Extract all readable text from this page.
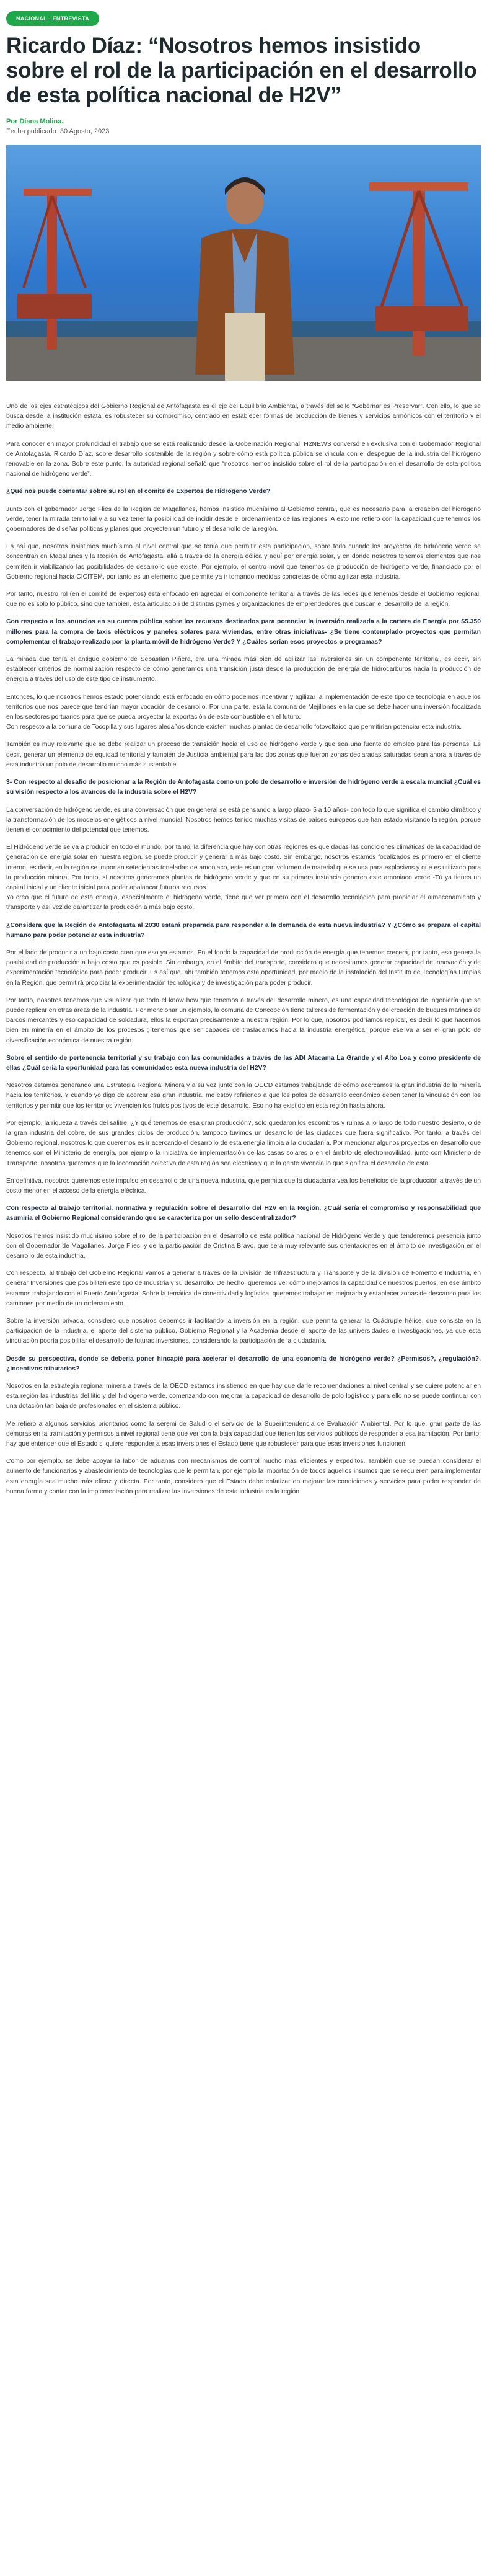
NACIONAL - ENTREVISTA
Ricardo Díaz: “Nosotros hemos insistido sobre el rol de la participación en el desarrollo de esta política nacional de H2V”
Por Diana Molina.
Fecha publicado: 30 Agosto, 2023

Uno de los ejes estratégicos del Gobierno Regional de Antofagasta es el eje del Equilibrio Ambiental, a través del sello “Gobernar es Preservar”. Con ello, lo que se busca desde la institución estatal es robustecer su compromiso, centrado en establecer formas de producción de bienes y servicios armónicos con el territorio y el medio ambiente.

Para conocer en mayor profundidad el trabajo que se está realizando desde la Gobernación Regional, H2NEWS conversó en exclusiva con el Gobernador Regional de Antofagasta, Ricardo Díaz, sobre desarrollo sostenible de la región y sobre cómo está política pública se vincula con el despegue de la industria del hidrógeno renovable en la zona. Sobre este punto, la autoridad regional señaló que “nosotros hemos insistido sobre el rol de la participación en el desarrollo de esta política nacional de hidrógeno verde”.

¿Qué nos puede comentar sobre su rol en el comité de Expertos de Hidrógeno Verde?

Junto con el gobernador Jorge Flies de la Región de Magallanes, hemos insistido muchísimo al Gobierno central, que es necesario para la creación del hidrógeno verde, tener la mirada territorial y a su vez tener la posibilidad de incidir desde el ordenamiento de las regiones. A esto me refiero con la capacidad que tenemos los gobernadores de diseñar políticas y planes que proyecten un futuro y el desarrollo de la región.

Es así que, nosotros insistimos muchísimo al nivel central que se tenía que permitir esta participación, sobre todo cuando los proyectos de hidrógeno verde se concentran en Magallanes y la Región de Antofagasta: allá a través de la energía eólica y aquí por energía solar, y en donde nosotros tenemos elementos que nos permiten ir viabilizando las posibilidades de desarrollo que existe. Por ejemplo, el centro móvil que tenemos de producción de hidrógeno verde, financiado por el Gobierno regional hacia CICITEM, por tanto es un elemento que permite ya ir tomando medidas concretas de cómo agilizar esta industria.

Por tanto, nuestro rol (en el comité de expertos) está enfocado en agregar el componente territorial a través de las redes que tenemos desde el Gobierno regional, que no es solo lo público, sino que también, esta articulación de distintas pymes y organizaciones de emprendedores que buscan el desarrollo de la región.

Con respecto a los anuncios en su cuenta pública sobre los recursos destinados para potenciar la inversión realizada a la cartera de Energía por $5.350 millones para la compra de taxis eléctricos y paneles solares para viviendas, entre otras iniciativas- ¿Se tiene contemplado proyectos que permitan complementar el trabajo realizado por la planta móvil de hidrógeno Verde? Y ¿Cuáles serían esos proyectos o programas?

La mirada que tenía el antiguo gobierno de Sebastián Piñera, era una mirada más bien de agilizar las inversiones sin un componente territorial, es decir, sin establecer criterios de normalización respecto de cómo generamos una transición justa desde la producción de energía de hidrocarburos hacia la producción de energía a través del uso de este tipo de instrumento.

Entonces, lo que nosotros hemos estado potenciando está enfocado en cómo podemos incentivar y agilizar la implementación de este tipo de tecnología en aquellos territorios que nos parece que tendrían mayor vocación de desarrollo. Por una parte, está la comuna de Mejillones en la que se debe hacer una inversión focalizada en los sectores portuarios para que se pueda proyectar la exportación de este combustible en el futuro.
Con respecto a la comuna de Tocopilla y sus lugares aledaños donde existen muchas plantas de desarrollo fotovoltaico que permitirían potenciar esta industria.

También es muy relevante que se debe realizar un proceso de transición hacia el uso de hidrógeno verde y que sea una fuente de empleo para las personas. Es decir, generar un elemento de equidad territorial y también de Justicia ambiental para las dos zonas que fueron zonas declaradas saturadas sean ahora a través de esta industria un polo de desarrollo mucho más sustentable.

3- Con respecto al desafío de posicionar a la Región de Antofagasta como un polo de desarrollo e inversión de hidrógeno verde a escala mundial ¿Cuál es su visión respecto a los avances de la industria sobre el H2V?

La conversación de hidrógeno verde, es una conversación que en general se está pensando a largo plazo- 5 a 10 años- con todo lo que significa el cambio climático y la transformación de los modelos energéticos a nivel mundial. Nosotros hemos tenido muchas visitas de países europeos que han estado visitando la región, porque tienen el conocimiento del potencial que tenemos.

El Hidrógeno verde se va a producir en todo el mundo, por tanto, la diferencia que hay con otras regiones es que dadas las condiciones climáticas de la capacidad de generación de energía solar en nuestra región, se puede producir y generar a más bajo costo. Sin embargo, nosotros estamos focalizados es primero en el cliente interno, es decir, en la región se importan setecientas toneladas de amoniaco, este es un gran volumen de material que se usa para explosivos y que es utilizado para la producción minera. Por tanto, sí nosotros generamos plantas de hidrógeno verde y que en su primera instancia generen este amoniaco verde -Tú ya tienes un capital inicial y un cliente inicial para poder apalancar futuros recursos.
Yo creo que el futuro de esta energía, especialmente el hidrógeno verde, tiene que ver primero con el desarrollo tecnológico para propiciar el almacenamiento y transporte y así vez de garantizar la producción a más bajo costo.

¿Considera que la Región de Antofagasta al 2030 estará preparada para responder a la demanda de esta nueva industria? Y ¿Cómo se prepara el capital humano para poder potenciar esta industria?

Por el lado de producir a un bajo costo creo que eso ya estamos. En el fondo la capacidad de producción de energía que tenemos crecerá, por tanto, eso genera la posibilidad de producción a bajo costo que es posible. Sin embargo, en el ámbito del transporte, considero que necesitamos generar capacidad de innovación y de experimentación tecnológica para poder producir. Es así que, ahí también tenemos esta oportunidad, por medio de la instalación del Instituto de Tecnologías Limpias en la Región, que permitirá propiciar la experimentación tecnológica y de investigación para poder producir.

Por tanto, nosotros tenemos que visualizar que todo el know how que tenemos a través del desarrollo minero, es una capacidad tecnológica de ingeniería que se puede replicar en otras áreas de la industria. Por mencionar un ejemplo, la comuna de Concepción tiene talleres de fermentación y de creación de buques marinos de barcos mercantes y eso capacidad de soldadura, ellos la exportan precisamente a nuestra región. Por lo que, nosotros podríamos replicar, es decir lo que hacemos bien en minería en el ámbito de los procesos ; tenemos que ser capaces de trasladarnos hacia la industria energética, porque ese va a ser el gran polo de diversificación económica de nuestra región.

Sobre el sentido de pertenencia territorial y su trabajo con las comunidades a través de las ADI Atacama La Grande y el Alto Loa y como presidente de ellas ¿Cuál sería la oportunidad para las comunidades esta nueva industria del H2V?

Nosotros estamos generando una Estrategia Regional Minera y a su vez junto con la OECD estamos trabajando de cómo acercamos la gran industria de la minería hacia los territorios. Y cuando yo digo de acercar esa gran industria, me estoy refiriendo a que los polos de desarrollo económico deben tener la vinculación con los territorios y permitir que los territorios vivencien los frutos positivos de este desarrollo. Eso no ha existido en esta región hasta ahora.

Por ejemplo, la riqueza a través del salitre, ¿Y qué tenemos de esa gran producción?, solo quedaron los escombros y ruinas a lo largo de todo nuestro desierto, o de la gran industria del cobre, de sus grandes ciclos de producción, tampoco tuvimos un desarrollo de las ciudades que fuera significativo. Por tanto, a través del Gobierno regional, nosotros lo que queremos es ir acercando el desarrollo de esta energía limpia a la ciudadanía. Por mencionar algunos proyectos en desarrollo que tenemos con el Ministerio de energía, por ejemplo la iniciativa de implementación de las casas solares o en el ámbito de electromovilidad, junto con Ministerio de Transporte, nosotros queremos que la locomoción colectiva de esta región sea eléctrica y que la gente vivencia lo que significa el desarrollo de esta.

En definitiva, nosotros queremos este impulso en desarrollo de una nueva industria, que permita que la ciudadanía vea los beneficios de la producción a través de un costo menor en el acceso de la energía eléctrica.

Con respecto al trabajo territorial, normativa y regulación sobre el desarrollo del H2V en la Región, ¿Cuál sería el compromiso y responsabilidad que asumiría el Gobierno Regional considerando que se caracteriza por un sello descentralizador?

Nosotros hemos insistido muchísimo sobre el rol de la participación en el desarrollo de esta política nacional de Hidrógeno Verde y que tenderemos presencia junto con el Gobernador de Magallanes, Jorge Flies, y de la participación de Cristina Bravo, que será muy relevante sus orientaciones en el ámbito de investigación en el desarrollo de esta industria.

Con respecto, al trabajo del Gobierno Regional vamos a generar a través de la División de Infraestructura y Transporte y de la división de Fomento e Industria, en generar Inversiones que posibiliten este tipo de Industria y su desarrollo. De hecho, queremos ver cómo mejoramos la capacidad de nuestros puertos, en ese ámbito estamos trabajando con el Puerto Antofagasta. Sobre la temática de conectividad y logística, queremos trabajar en mejorarla y establecer zonas de descanso para los camiones por medio de un ordenamiento.

Sobre la inversión privada, considero que nosotros debemos ir facilitando la inversión en la región, que permita generar la Cuádruple hélice, que consiste en la participación de la industria, el aporte del sistema público, Gobierno Regional y la Academia desde el aporte de las universidades e investigaciones, ya que esta vinculación podría posibilitar el desarrollo de futuras inversiones, considerando la participación de la ciudadanía.

Desde su perspectiva, donde se debería poner hincapié para acelerar el desarrollo de una economía de hidrógeno verde? ¿Permisos?, ¿regulación?, ¿incentivos tributarios?

Nosotros en la estrategia regional minera a través de la OECD estamos insistiendo en que hay que darle recomendaciones al nivel central y se quiere potenciar en esta región las industrias del litio y del hidrógeno verde, comenzando con mejorar la capacidad de desarrollo de polo logístico y para ello no se puede continuar con una dotación tan baja de profesionales en el sistema público.

Me refiero a algunos servicios prioritarios como la seremi de Salud o el servicio de la Superintendencia de Evaluación Ambiental. Por lo que, gran parte de las demoras en la tramitación y permisos a nivel regional tiene que ver con la baja capacidad que tienen los servicios públicos de responder a esa tramitación. Por tanto, hay que entender que el Estado si quiere responder a esas inversiones el Estado tiene que robustecer para que esas inversiones funcionen.

Como por ejemplo, se debe apoyar la labor de aduanas con mecanismos de control mucho más eficientes y expeditos. También que se puedan considerar el aumento de funcionarios y abastecimiento de tecnologías que le permitan, por ejemplo la importación de todos aquellos insumos que se requieren para implementar esta energía sea mucho más eficaz y directa. Por tanto, considero que el Estado debe enfatizar en mejorar las condiciones y servicios para poder responder de buena forma y contar con la implementación para realizar las inversiones de esta industria en la región.
